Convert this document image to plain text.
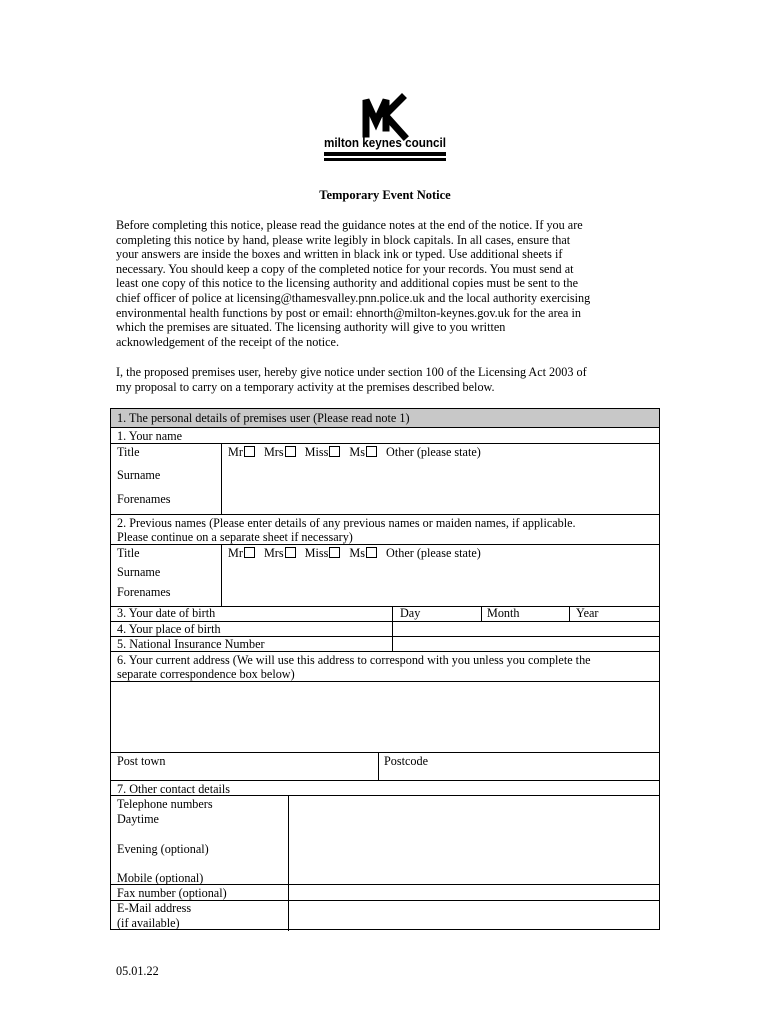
milton keynes council
Temporary Event Notice
Before completing this notice, please read the guidance notes at the end of the notice. If you are
completing this notice by hand, please write legibly in block capitals. In all cases, ensure that
your answers are inside the boxes and written in black ink or typed. Use additional sheets if
necessary. You should keep a copy of the completed notice for your records. You must send at
least one copy of this notice to the licensing authority and additional copies must be sent to the
chief officer of police at licensing@thamesvalley.pnn.police.uk and the local authority exercising
environmental health functions by post or email: ehnorth@milton-keynes.gov.uk for the area in
which the premises are situated. The licensing authority will give to you written
acknowledgement of the receipt of the notice.
I, the proposed premises user, hereby give notice under section 100 of the Licensing Act 2003 of
my proposal to carry on a temporary activity at the premises described below.
1. The personal details of premises user (Please read note 1)
1. Your name
Title	Mr Mrs Miss Ms Other (please state)
Surname
Forenames
2. Previous names (Please enter details of any previous names or maiden names, if applicable.
Please continue on a separate sheet if necessary)
Title	Mr Mrs Miss Ms Other (please state)
Surname
Forenames
3. Your date of birth	Day	Month	Year
4. Your place of birth
5. National Insurance Number
6. Your current address (We will use this address to correspond with you unless you complete the
separate correspondence box below)
Post town	Postcode
7. Other contact details
Telephone numbers
Daytime
Evening (optional)
Mobile (optional)
Fax number (optional)
E-Mail address
(if available)
05.01.22
